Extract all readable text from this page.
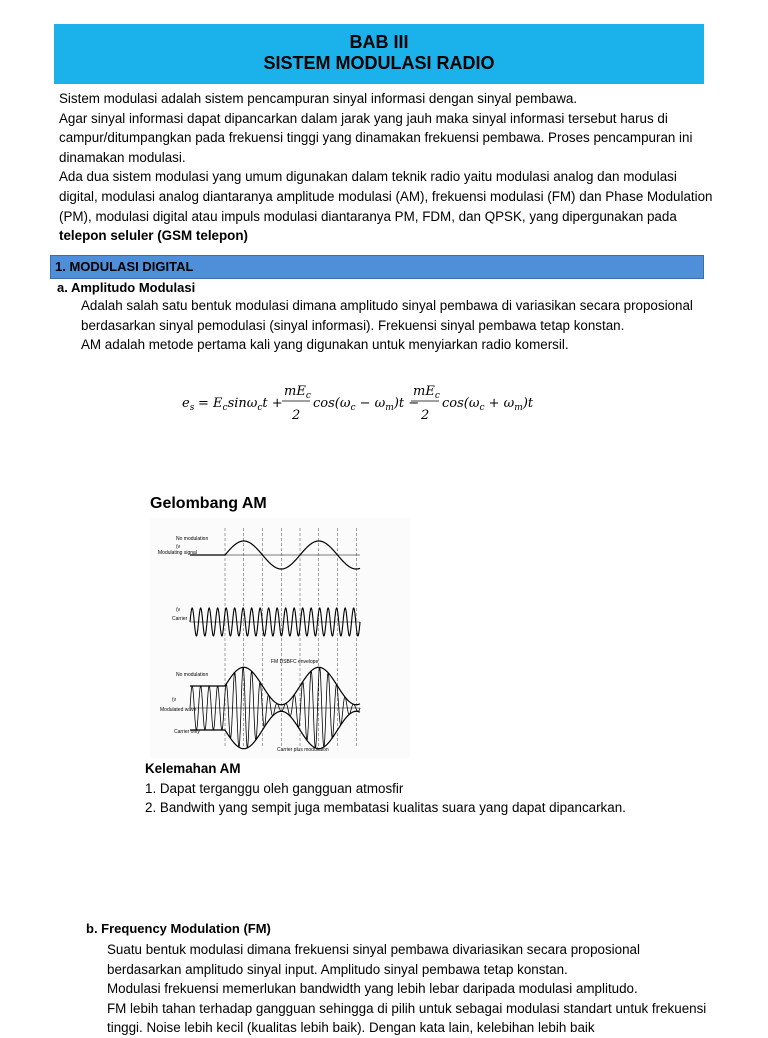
BAB III
SISTEM MODULASI RADIO

Sistem modulasi adalah sistem pencampuran sinyal informasi dengan sinyal pembawa.

Agar sinyal informasi dapat dipancarkan dalam jarak yang jauh maka sinyal informasi tersebut harus di campur/ditumpangkan pada frekuensi tinggi yang dinamakan frekuensi pembawa. Proses pencampuran ini dinamakan modulasi.

Ada dua sistem modulasi yang umum digunakan dalam teknik radio yaitu modulasi analog dan modulasi digital, modulasi analog diantaranya amplitude modulasi (AM), frekuensi modulasi (FM) dan Phase Modulation (PM), modulasi digital atau impuls modulasi diantaranya PM, FDM, dan QPSK, yang dipergunakan pada telepon seluler (GSM telepon)

1. MODULASI DIGITAL
a. Amplitudo Modulasi

Adalah salah satu bentuk modulasi dimana amplitudo sinyal pembawa di variasikan secara proposional berdasarkan sinyal pemodulasi (sinyal informasi). Frekuensi sinyal pembawa tetap konstan.

AM adalah metode pertama kali yang digunakan untuk menyiarkan radio komersil.

$e_s = E_c\sin\omega_ct$ +
$mE_c$
2
$\cos(\omega_c - \omega_m)t$ −
$mE_c$
2
$\cos(\omega_c + \omega_m)t$
Gelombang AM
No modulation
(v
Modulating signal
(v
Carrier
No modulation
(v
Modulated wave
Carrier only
FM DSBFC envelope
Carrier plus modulation
Kelemahan AM
1. Dapat terganggu oleh gangguan atmosfir
2. Bandwith yang sempit juga membatasi kualitas suara yang dapat dipancarkan.
b. Frequency Modulation (FM)

Suatu bentuk modulasi dimana frekuensi sinyal pembawa divariasikan secara proposional berdasarkan amplitudo sinyal input. Amplitudo sinyal pembawa tetap konstan.

Modulasi frekuensi memerlukan bandwidth yang lebih lebar daripada modulasi amplitudo.

FM lebih tahan terhadap gangguan sehingga di pilih untuk sebagai modulasi standart untuk frekuensi tinggi. Noise lebih kecil (kualitas lebih baik). Dengan kata lain, kelebihan lebih baik
